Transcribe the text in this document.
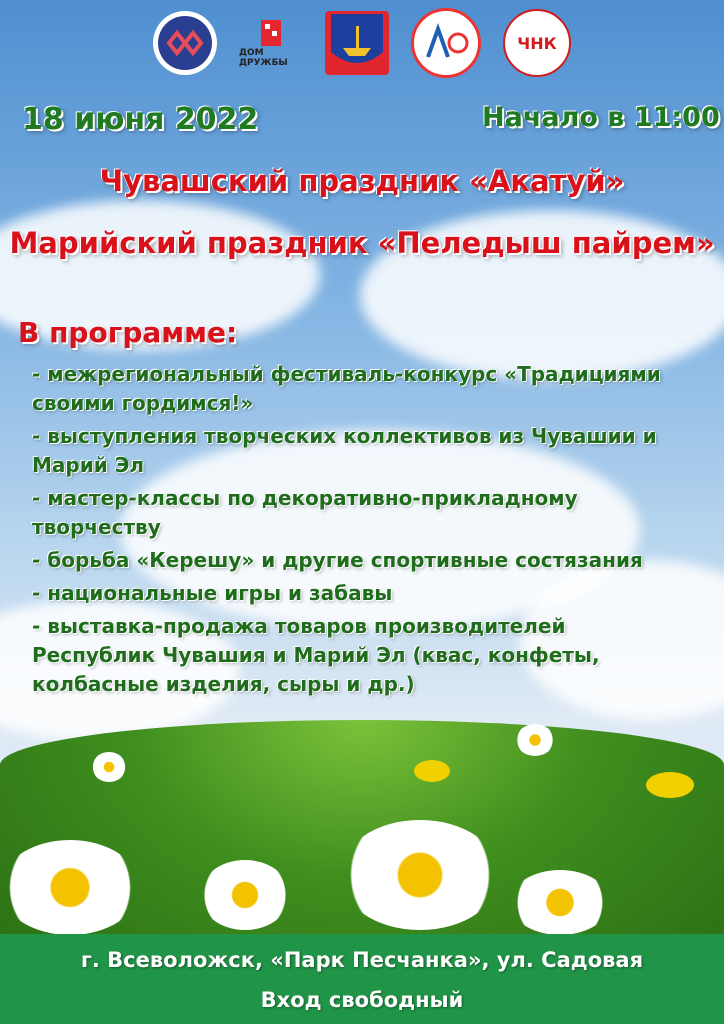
ДОМ ДРУЖБЫ
ЧНК
18 июня 2022	Начало в 11:00
Чувашский праздник «Акатуй»
Марийский праздник «Пеледыш пайрем»
В программе:
- межрегиональный фестиваль-конкурс «Традициями своими гордимся!»
- выступления творческих коллективов из Чувашии и Марий Эл
- мастер-классы по декоративно-прикладному творчеству
- борьба «Керешу» и другие спортивные состязания
- национальные игры и забавы
- выставка-продажа товаров производителей Республик Чувашия и Марий Эл (квас, конфеты, колбасные изделия, сыры и др.)
г. Всеволожск, «Парк Песчанка», ул. Садовая
Вход свободный
